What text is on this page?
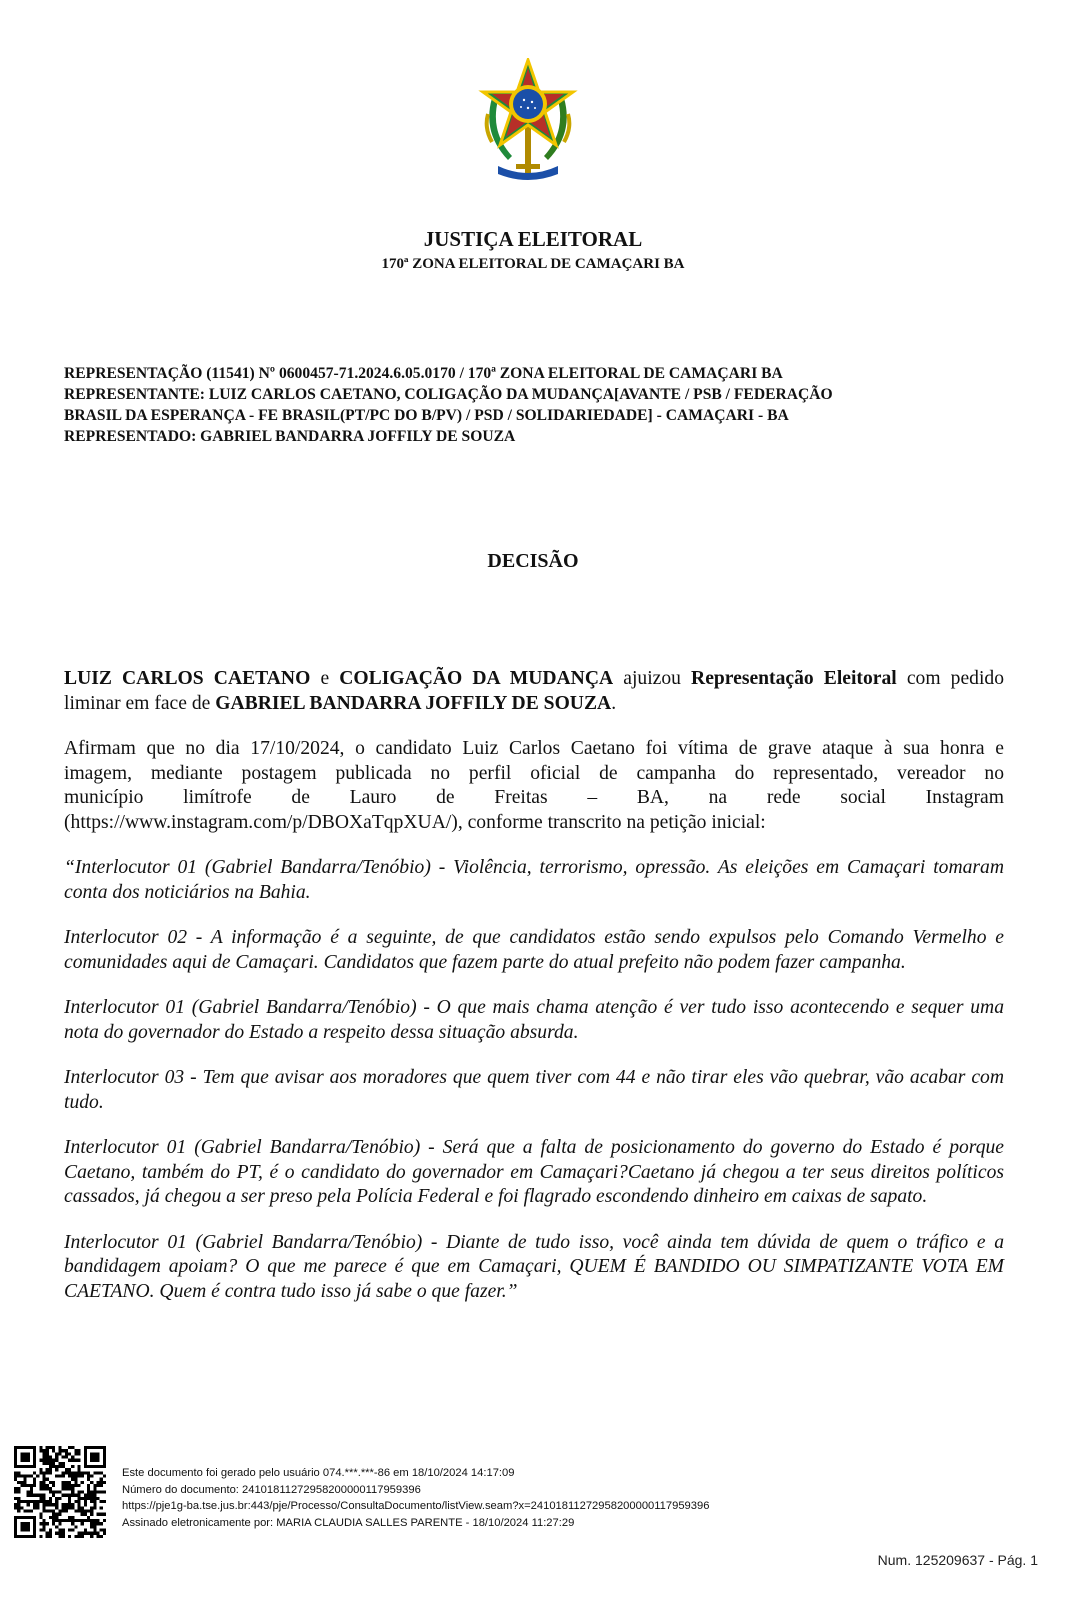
JUSTIÇA ELEITORAL
170ª ZONA ELEITORAL DE CAMAÇARI BA
REPRESENTAÇÃO (11541) Nº 0600457-71.2024.6.05.0170 / 170ª ZONA ELEITORAL DE CAMAÇARI BA
REPRESENTANTE: LUIZ CARLOS CAETANO, COLIGAÇÃO DA MUDANÇA[AVANTE / PSB / FEDERAÇÃO
BRASIL DA ESPERANÇA - FE BRASIL(PT/PC DO B/PV) / PSD / SOLIDARIEDADE] - CAMAÇARI - BA
REPRESENTADO: GABRIEL BANDARRA JOFFILY DE SOUZA
DECISÃO

LUIZ CARLOS CAETANO e COLIGAÇÃO DA MUDANÇA ajuizou Representação Eleitoral com pedido liminar em face de GABRIEL BANDARRA JOFFILY DE SOUZA.

Afirmam que no dia 17/10/2024, o candidato Luiz Carlos Caetano foi vítima de grave ataque à sua honra e
imagem, mediante postagem publicada no perfil oficial de campanha do representado, vereador no
município limítrofe de Lauro de Freitas – BA, na rede social Instagram
(https://www.instagram.com/p/DBOXaTqpXUA/), conforme transcrito na petição inicial:

“Interlocutor 01 (Gabriel Bandarra/Tenóbio) - Violência, terrorismo, opressão. As eleições em Camaçari tomaram conta dos noticiários na Bahia.

Interlocutor 02 - A informação é a seguinte, de que candidatos estão sendo expulsos pelo Comando Vermelho e comunidades aqui de Camaçari. Candidatos que fazem parte do atual prefeito não podem fazer campanha.

Interlocutor 01 (Gabriel Bandarra/Tenóbio) - O que mais chama atenção é ver tudo isso acontecendo e sequer uma nota do governador do Estado a respeito dessa situação absurda.

Interlocutor 03 - Tem que avisar aos moradores que quem tiver com 44 e não tirar eles vão quebrar, vão acabar com tudo.

Interlocutor 01 (Gabriel Bandarra/Tenóbio) - Será que a falta de posicionamento do governo do Estado é porque Caetano, também do PT, é o candidato do governador em Camaçari?Caetano já chegou a ter seus direitos políticos cassados, já chegou a ser preso pela Polícia Federal e foi flagrado escondendo dinheiro em caixas de sapato.

Interlocutor 01 (Gabriel Bandarra/Tenóbio) - Diante de tudo isso, você ainda tem dúvida de quem o tráfico e a bandidagem apoiam? O que me parece é que em Camaçari, QUEM É BANDIDO OU SIMPATIZANTE VOTA EM CAETANO. Quem é contra tudo isso já sabe o que fazer.”

Este documento foi gerado pelo usuário 074.***.***-86 em 18/10/2024 14:17:09
Número do documento: 24101811272958200000117959396
https://pje1g-ba.tse.jus.br:443/pje/Processo/ConsultaDocumento/listView.seam?x=24101811272958200000117959396
Assinado eletronicamente por: MARIA CLAUDIA SALLES PARENTE - 18/10/2024 11:27:29
Num. 125209637 - Pág. 1
